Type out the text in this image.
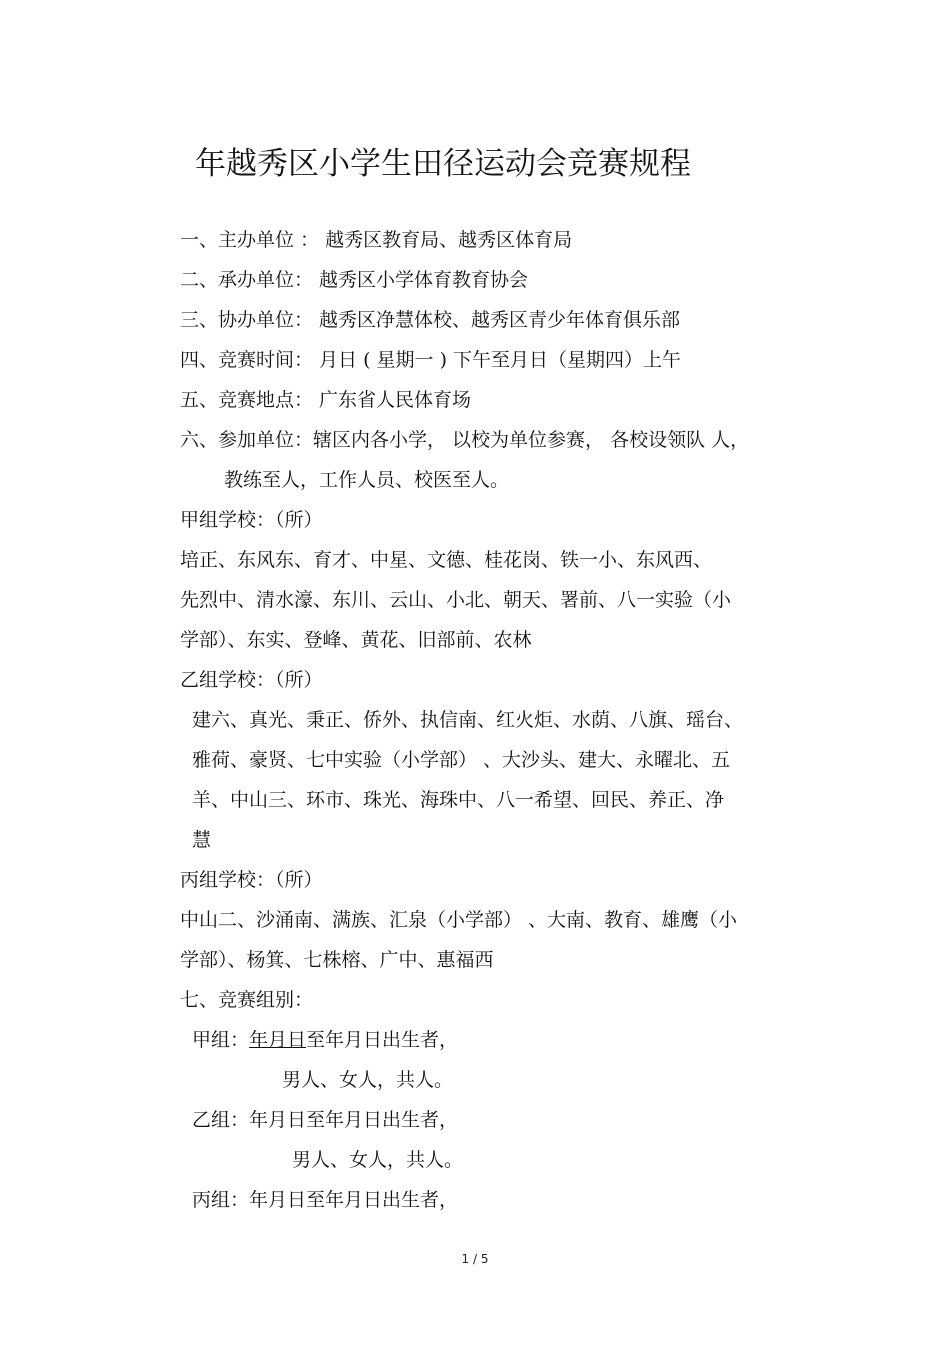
年越秀区小学生田径运动会竞赛规程
一、主办单位 ： 越秀区教育局、越秀区体育局
二、承办单位： 越秀区小学体育教育协会
三、协办单位： 越秀区净慧体校、越秀区青少年体育俱乐部
四、竞赛时间： 月日 ( 星期一 ) 下午至月日（星期四）上午
五、竞赛地点： 广东省人民体育场
六、参加单位：辖区内各小学， 以校为单位参赛， 各校设领队 人，
教练至人，工作人员、校医至人。
甲组学校：（所）
培正、东风东、育才、中星、文德、桂花岗、铁一小、东风西、
先烈中、清水濠、东川、云山、小北、朝天、署前、八一实验（小
学部）、东实、登峰、黄花、旧部前、农林
乙组学校：（所）
建六、真光、秉正、侨外、执信南、红火炬、水荫、八旗、瑶台、
雅荷、豪贤、七中实验（小学部） 、大沙头、建大、永曜北、五
羊、中山三、环市、珠光、海珠中、八一希望、回民、养正、净
慧
丙组学校：（所）
中山二、沙涌南、满族、汇泉（小学部） 、大南、教育、雄鹰（小
学部）、杨箕、七株榕、广中、惠福西
七、竞赛组别：
甲组：年月日至年月日出生者，
男人、女人，共人。
乙组：年月日至年月日出生者，
男人、女人，共人。
丙组：年月日至年月日出生者，
1 / 5
